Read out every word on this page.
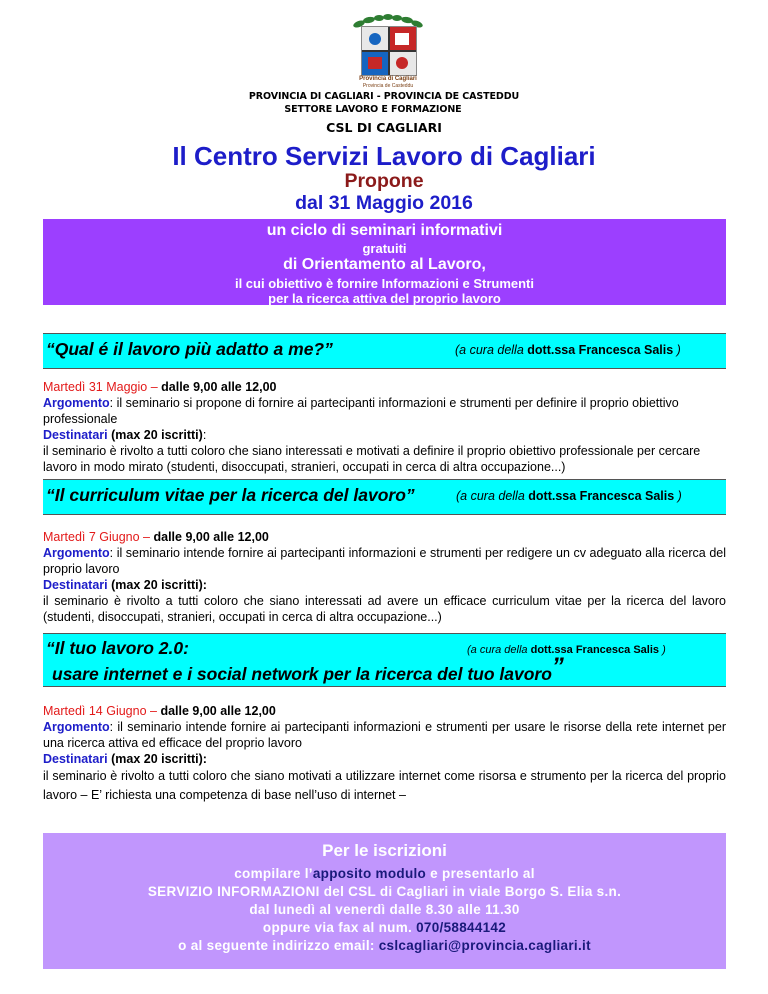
Provincia di Cagliari
Provincia de Casteddu
PROVINCIA DI CAGLIARI - PROVINCIA DE CASTEDDU
SETTORE LAVORO E FORMAZIONE
CSL DI CAGLIARI
Il Centro Servizi Lavoro di Cagliari
Propone
dal 31 Maggio 2016
un ciclo di seminari informativi
gratuiti
di Orientamento al Lavoro,
il cui obiettivo è fornire Informazioni e Strumenti
per la ricerca attiva del proprio lavoro
“Qual é il lavoro più adatto a me?”	(a cura della dott.ssa Francesca Salis )

Martedì 31 Maggio – dalle 9,00 alle 12,00

Argomento: il seminario si propone di fornire ai partecipanti informazioni e strumenti per definire il proprio obiettivo professionale

Destinatari (max 20 iscritti):

il seminario è rivolto a tutti coloro che siano interessati e motivati a definire il proprio obiettivo professionale per cercare lavoro in modo mirato (studenti, disoccupati, stranieri, occupati in cerca di altra occupazione...)

“Il curriculum vitae per la ricerca del lavoro”	(a cura della dott.ssa Francesca Salis )

Martedì 7 Giugno – dalle 9,00 alle 12,00

Argomento: il seminario intende fornire ai partecipanti informazioni e strumenti per redigere un cv adeguato alla ricerca del proprio lavoro

Destinatari (max 20 iscritti):

il seminario è rivolto a tutti coloro che siano interessati ad avere un efficace curriculum vitae per la ricerca del lavoro (studenti, disoccupati, stranieri, occupati in cerca di altra occupazione...)

“Il tuo lavoro 2.0:	(a cura della dott.ssa Francesca Salis )
usare internet e i social network per la ricerca del tuo lavoro”

Martedì 14 Giugno – dalle 9,00 alle 12,00

Argomento: il seminario intende fornire ai partecipanti informazioni e strumenti per usare le risorse della rete internet per una ricerca attiva ed efficace del proprio lavoro

Destinatari (max 20 iscritti):

il seminario è rivolto a tutti coloro che siano motivati a utilizzare internet come risorsa e strumento per la ricerca del proprio lavoro – E’ richiesta una competenza di base nell’uso di internet –

Per le iscrizioni
compilare l’apposito modulo e presentarlo al
SERVIZIO INFORMAZIONI del CSL di Cagliari in viale Borgo S. Elia s.n.
dal lunedì al venerdì dalle 8.30 alle 11.30
oppure via fax al num. 070/58844142
o al seguente indirizzo email: cslcagliari@provincia.cagliari.it
